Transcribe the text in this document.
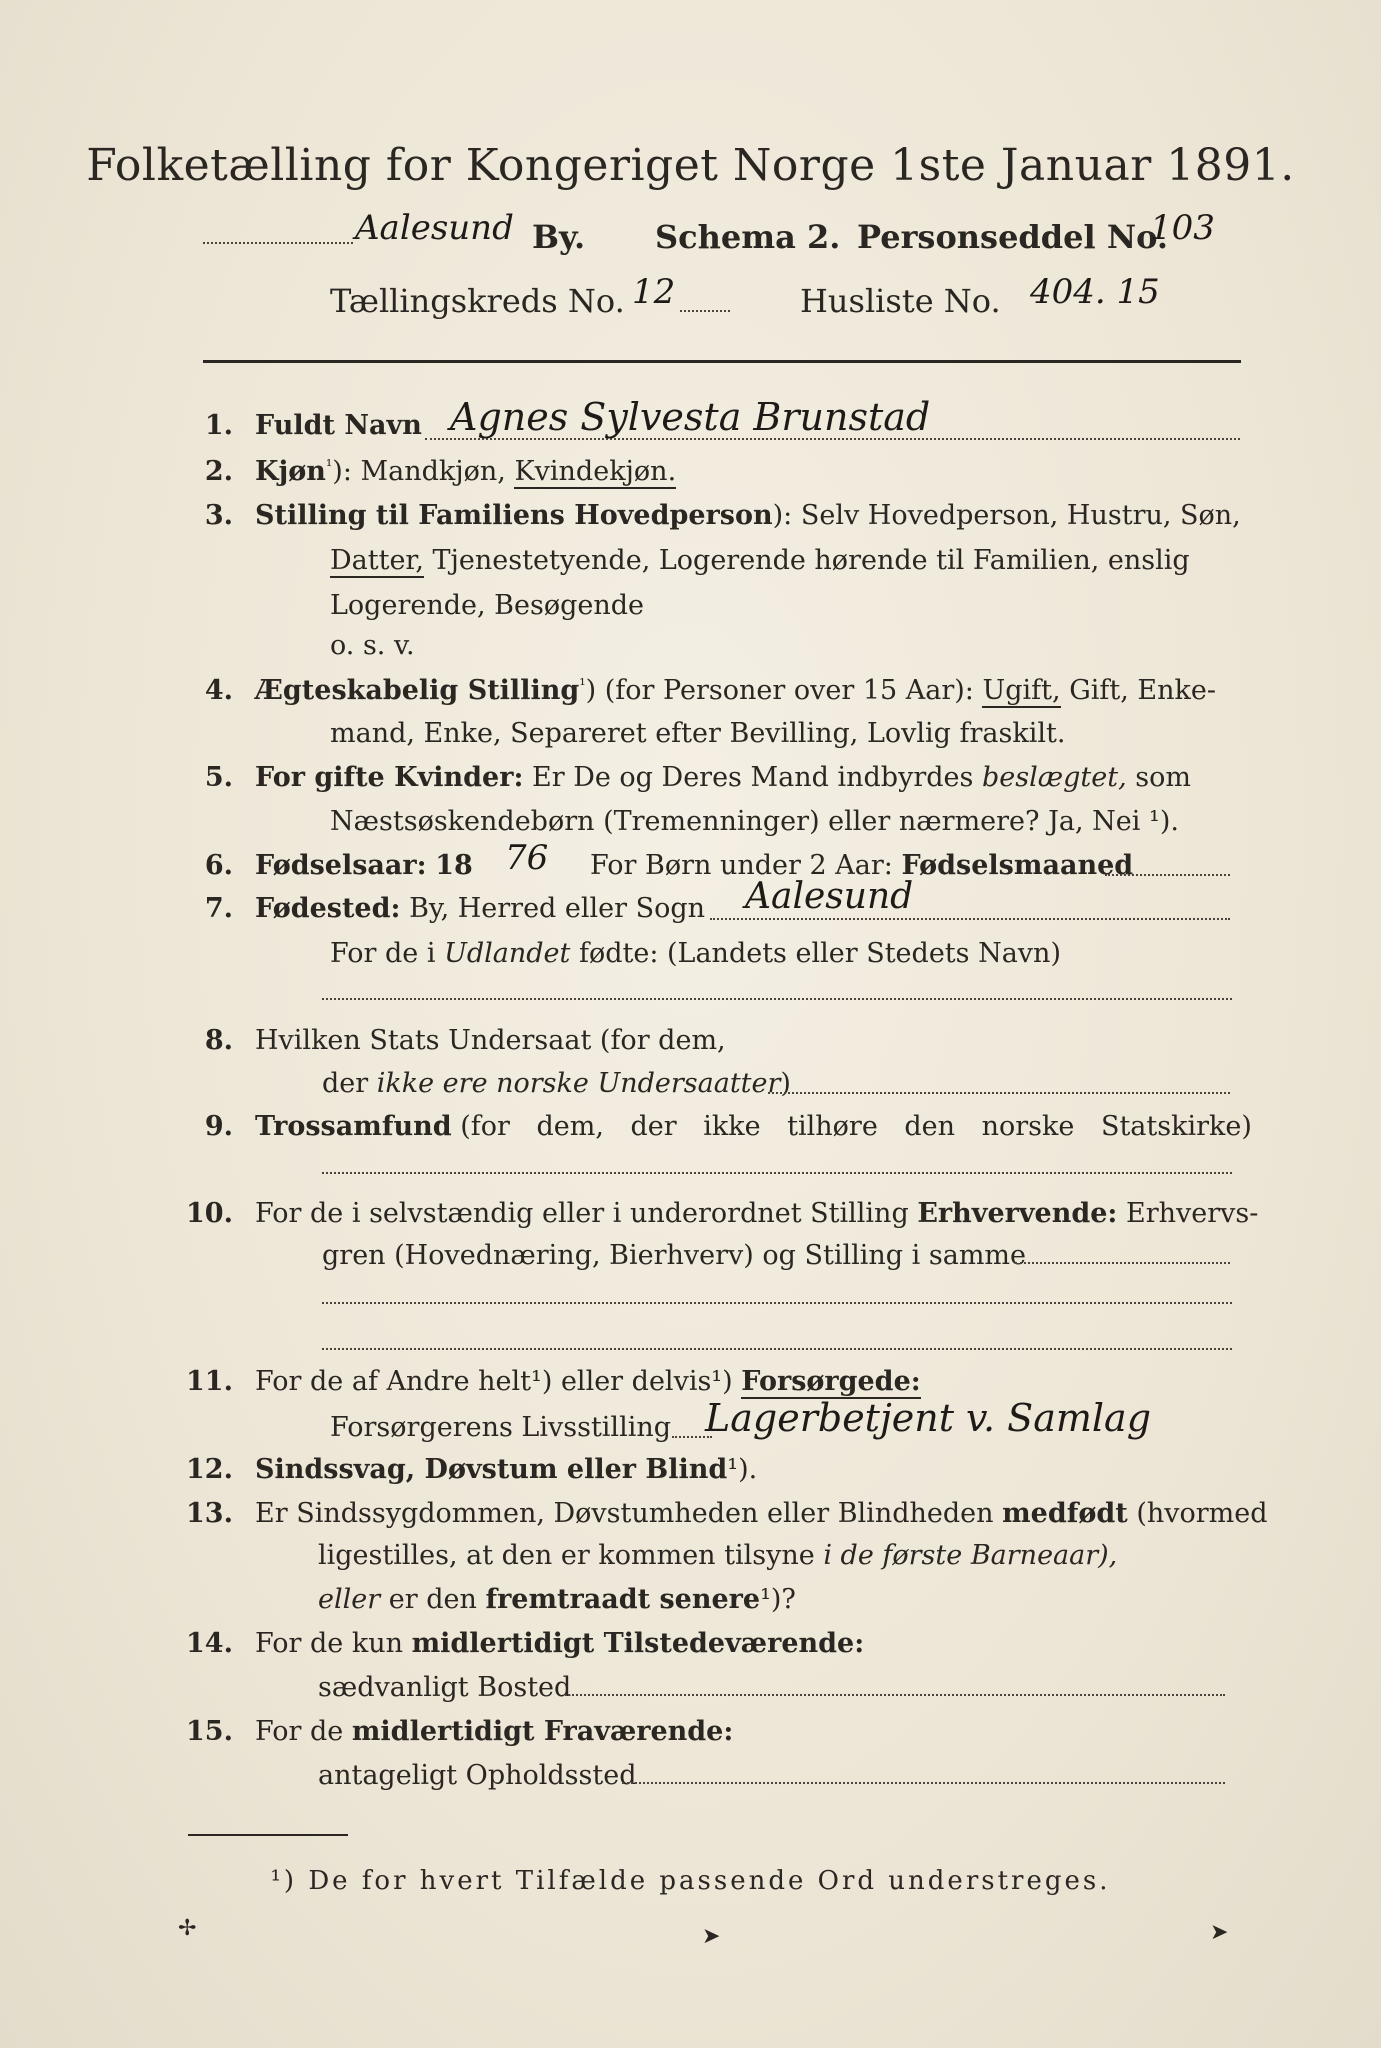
Folketælling for Kongeriget Norge 1ste Januar 1891.
Aalesund By. Schema 2. Personseddel No.
103
Tællingskreds No. 12	Husliste No. 404. 15
1. Fuldt Navn Agnes Sylvesta Brunstad
2. Kjøn$^{^1}$): Mandkjøn, Kvindekjøn.
3. Stilling til Familiens Hovedperson): Selv Hovedperson, Hustru, Søn,
Datter, Tjenestetyende, Logerende hørende til Familien, enslig
Logerende, Besøgende
o. s. v.
4. Ægteskabelig Stilling$^{^1}$) (for Personer over 15 Aar): Ugift, Gift, Enke-
mand, Enke, Separeret efter Bevilling, Lovlig fraskilt.
5. For gifte Kvinder: Er De og Deres Mand indbyrdes beslægtet, som
Næstsøskendebørn (Tremenninger) eller nærmere? Ja, Nei ¹).
6. Fødselsaar: 18 76 For Børn under 2 Aar: Fødselsmaaned
7. Fødested: By, Herred eller Sogn Aalesund
For de i Udlandet fødte: (Landets eller Stedets Navn)
8. Hvilken Stats Undersaat (for dem,
der ikke ere norske Undersaatter)
9. Trossamfund (for dem, der ikke tilhøre den norske Statskirke)
10. For de i selvstændig eller i underordnet Stilling Erhvervende: Erhvervs-
gren (Hovednæring, Bierhverv) og Stilling i samme
11. For de af Andre helt¹) eller delvis¹) Forsørgede:
Forsørgerens Livsstilling Lagerbetjent v. Samlag
12. Sindssvag, Døvstum eller Blind¹).
13. Er Sindssygdommen, Døvstumheden eller Blindheden medfødt (hvormed
ligestilles, at den er kommen tilsyne i de første Barneaar),
eller er den fremtraadt senere¹)?
14. For de kun midlertidigt Tilstedeværende:
sædvanligt Bosted
15. For de midlertidigt Fraværende:
antageligt Opholdssted
¹) De for hvert Tilfælde passende Ord understreges.
✢	➤	➤
